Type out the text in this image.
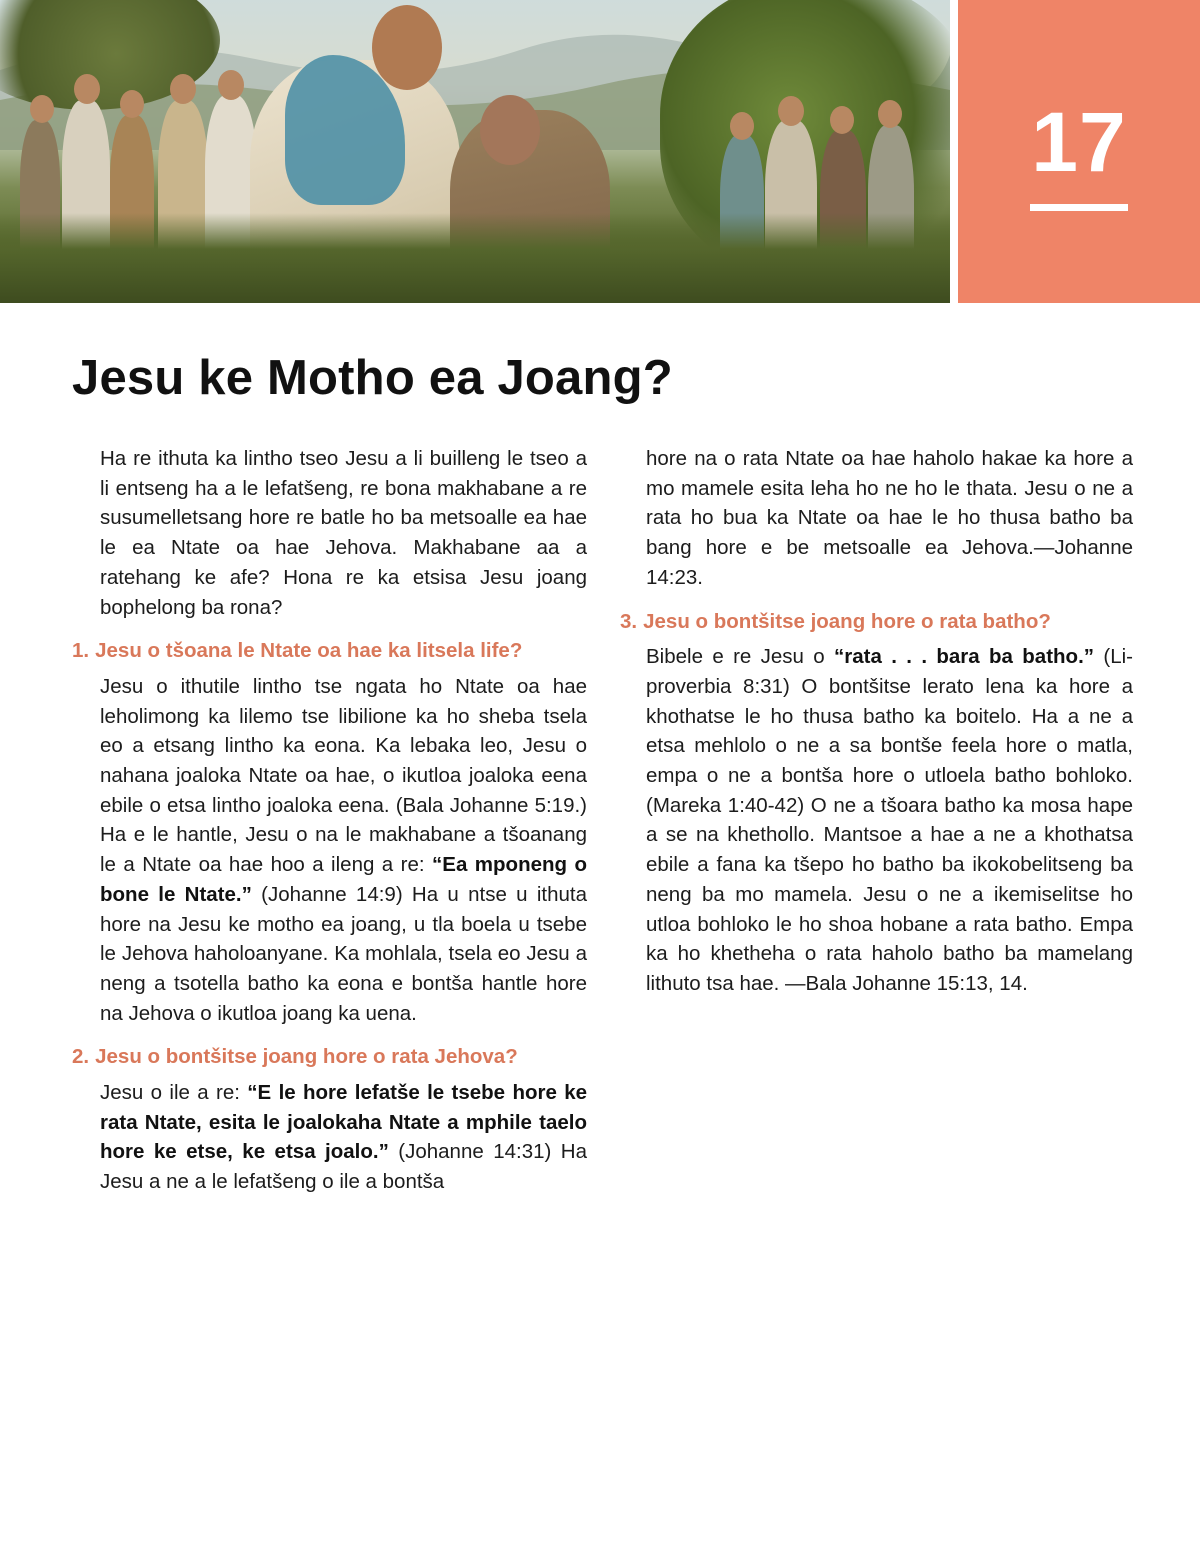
17
Jesu ke Motho ea Joang?

Ha re ithuta ka lintho tseo Jesu a li builleng le tseo a li entseng ha a le lefatšeng, re bona makhabane a re susumelletsang hore re batle ho ba metsoalle ea hae le ea Ntate oa hae Jehova. Makhabane aa a ratehang ke afe? Hona re ka etsisa Jesu joang bophelong ba rona?

1. Jesu o tšoana le Ntate oa hae ka litsela life?

Jesu o ithutile lintho tse ngata ho Ntate oa hae leholimong ka lilemo tse libilione ka ho sheba tsela eo a etsang lintho ka eona. Ka lebaka leo, Jesu o nahana joaloka Ntate oa hae, o ikutloa joaloka eena ebile o etsa lintho joaloka eena. (Bala Johanne 5:19.) Ha e le hantle, Jesu o na le makhabane a tšoanang le a Ntate oa hae hoo a ileng a re: “Ea mponeng o bone le Ntate.” (Johanne 14:9) Ha u ntse u ithuta hore na Jesu ke motho ea joang, u tla boela u tsebe le Jehova haholoanyane. Ka mohlala, tsela eo Jesu a neng a tsotella batho ka eona e bontša hantle hore na Jehova o ikutloa joang ka uena.

2. Jesu o bontšitse joang hore o rata Jehova?

Jesu o ile a re: “E le hore lefatše le tsebe hore ke rata Ntate, esita le joalokaha Ntate a mphile taelo hore ke etse, ke etsa joalo.” (Johanne 14:31) Ha Jesu a ne a le lefatšeng o ile a bontša

hore na o rata Ntate oa hae haholo hakae ka hore a mo mamele esita leha ho ne ho le thata. Jesu o ne a rata ho bua ka Ntate oa hae le ho thusa batho ba bang hore e be metsoalle ea Jehova.—Johanne 14:23.

3. Jesu o bontšitse joang hore o rata batho?

Bibele e re Jesu o “rata . . . bara ba batho.” (Liproverbia 8:31) O bontšitse lerato lena ka hore a khothatse le ho thusa batho ka boitelo. Ha a ne a etsa mehlolo o ne a sa bontše feela hore o matla, empa o ne a bontša hore o utloela batho bohloko. (Mareka 1:40-42) O ne a tšoara batho ka mosa hape a se na khethollo. Mantsoe a hae a ne a khothatsa ebile a fana ka tšepo ho batho ba ikokobelitseng ba neng ba mo mamela. Jesu o ne a ikemiselitse ho utloa bohloko le ho shoa hobane a rata batho. Empa ka ho khetheha o rata haholo batho ba mamelang lithuto tsa hae. —Bala Johanne 15:13, 14.
